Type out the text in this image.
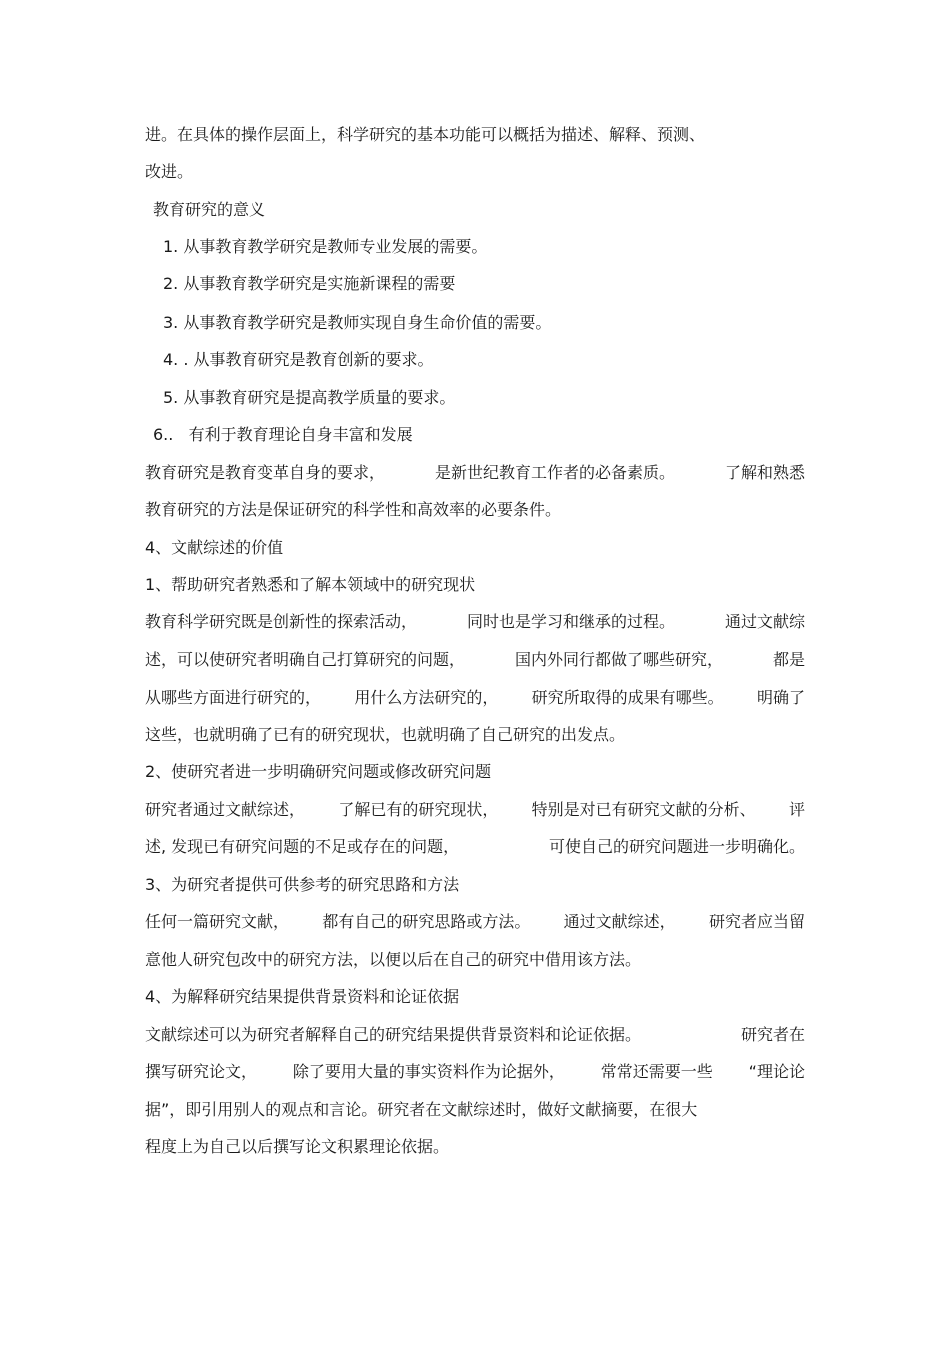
进。在具体的操作层面上，科学研究的基本功能可以概括为描述、解释、预测、
改进。
教育研究的意义
1. 从事教育教学研究是教师专业发展的需要。
2. 从事教育教学研究是实施新课程的需要
3. 从事教育教学研究是教师实现自身生命价值的需要。
4. . 从事教育研究是教育创新的要求。
5. 从事教育研究是提高教学质量的要求。
6..   有利于教育理论自身丰富和发展
教育研究是教育变革自身的要求，	是新世纪教育工作者的必备素质。	了解和熟悉
教育研究的方法是保证研究的科学性和高效率的必要条件。
4、文献综述的价值
1、帮助研究者熟悉和了解本领域中的研究现状
教育科学研究既是创新性的探索活动，	同时也是学习和继承的过程。	通过文献综
述，可以使研究者明确自己打算研究的问题，	国内外同行都做了哪些研究，	都是
从哪些方面进行研究的， 用什么方法研究的， 研究所取得的成果有哪些。 明确了
这些，也就明确了已有的研究现状，也就明确了自己研究的出发点。
2、使研究者进一步明确研究问题或修改研究问题
研究者通过文献综述， 了解已有的研究现状， 特别是对已有研究文献的分析、 评
述, 发现已有研究问题的不足或存在的问题，	可使自己的研究问题进一步明确化。
3、为研究者提供可供参考的研究思路和方法
任何一篇研究文献， 都有自己的研究思路或方法。 通过文献综述， 研究者应当留
意他人研究包改中的研究方法，以便以后在自己的研究中借用该方法。
4、为解释研究结果提供背景资料和论证依据
文献综述可以为研究者解释自己的研究结果提供背景资料和论证依据。	研究者在
撰写研究论文， 除了要用大量的事实资料作为论据外， 常常还需要一些 “理论论
据”，即引用别人的观点和言论。研究者在文献综述时，做好文献摘要，在很大
程度上为自己以后撰写论文积累理论依据。
